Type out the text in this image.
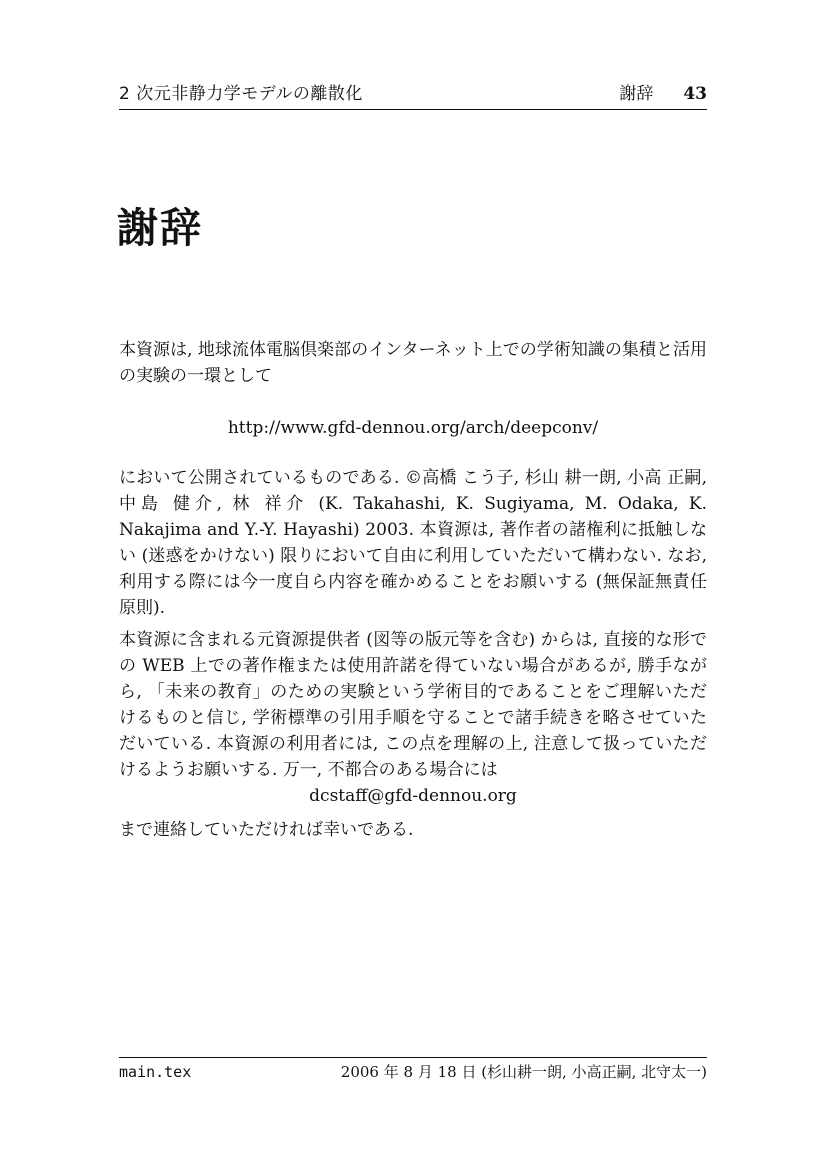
2 次元非静力学モデルの離散化	謝辞 43
謝辞

本資源は, 地球流体電脳倶楽部のインターネット上での学術知識の集積と活用の実験の一環として

http://www.gfd-dennou.org/arch/deepconv/

において公開されているものである. ©高橋 こう子, 杉山 耕一朗, 小高 正嗣, 中島 健介, 林 祥介 (K. Takahashi, K. Sugiyama, M. Odaka, K. Nakajima and Y.-Y. Hayashi) 2003. 本資源は, 著作者の諸権利に抵触しない (迷惑をかけない) 限りにおいて自由に利用していただいて構わない. なお, 利用する際には今一度自ら内容を確かめることをお願いする (無保証無責任原則).

本資源に含まれる元資源提供者 (図等の版元等を含む) からは, 直接的な形での WEB 上での著作権または使用許諾を得ていない場合があるが, 勝手ながら, 「未来の教育」のための実験という学術目的であることをご理解いただけるものと信じ, 学術標準の引用手順を守ることで諸手続きを略させていただいている. 本資源の利用者には, この点を理解の上, 注意して扱っていただけるようお願いする. 万一, 不都合のある場合には

dcstaff@gfd-dennou.org

まで連絡していただければ幸いである.

main.tex	2006 年 8 月 18 日 (杉山耕一朗, 小高正嗣, 北守太一)
